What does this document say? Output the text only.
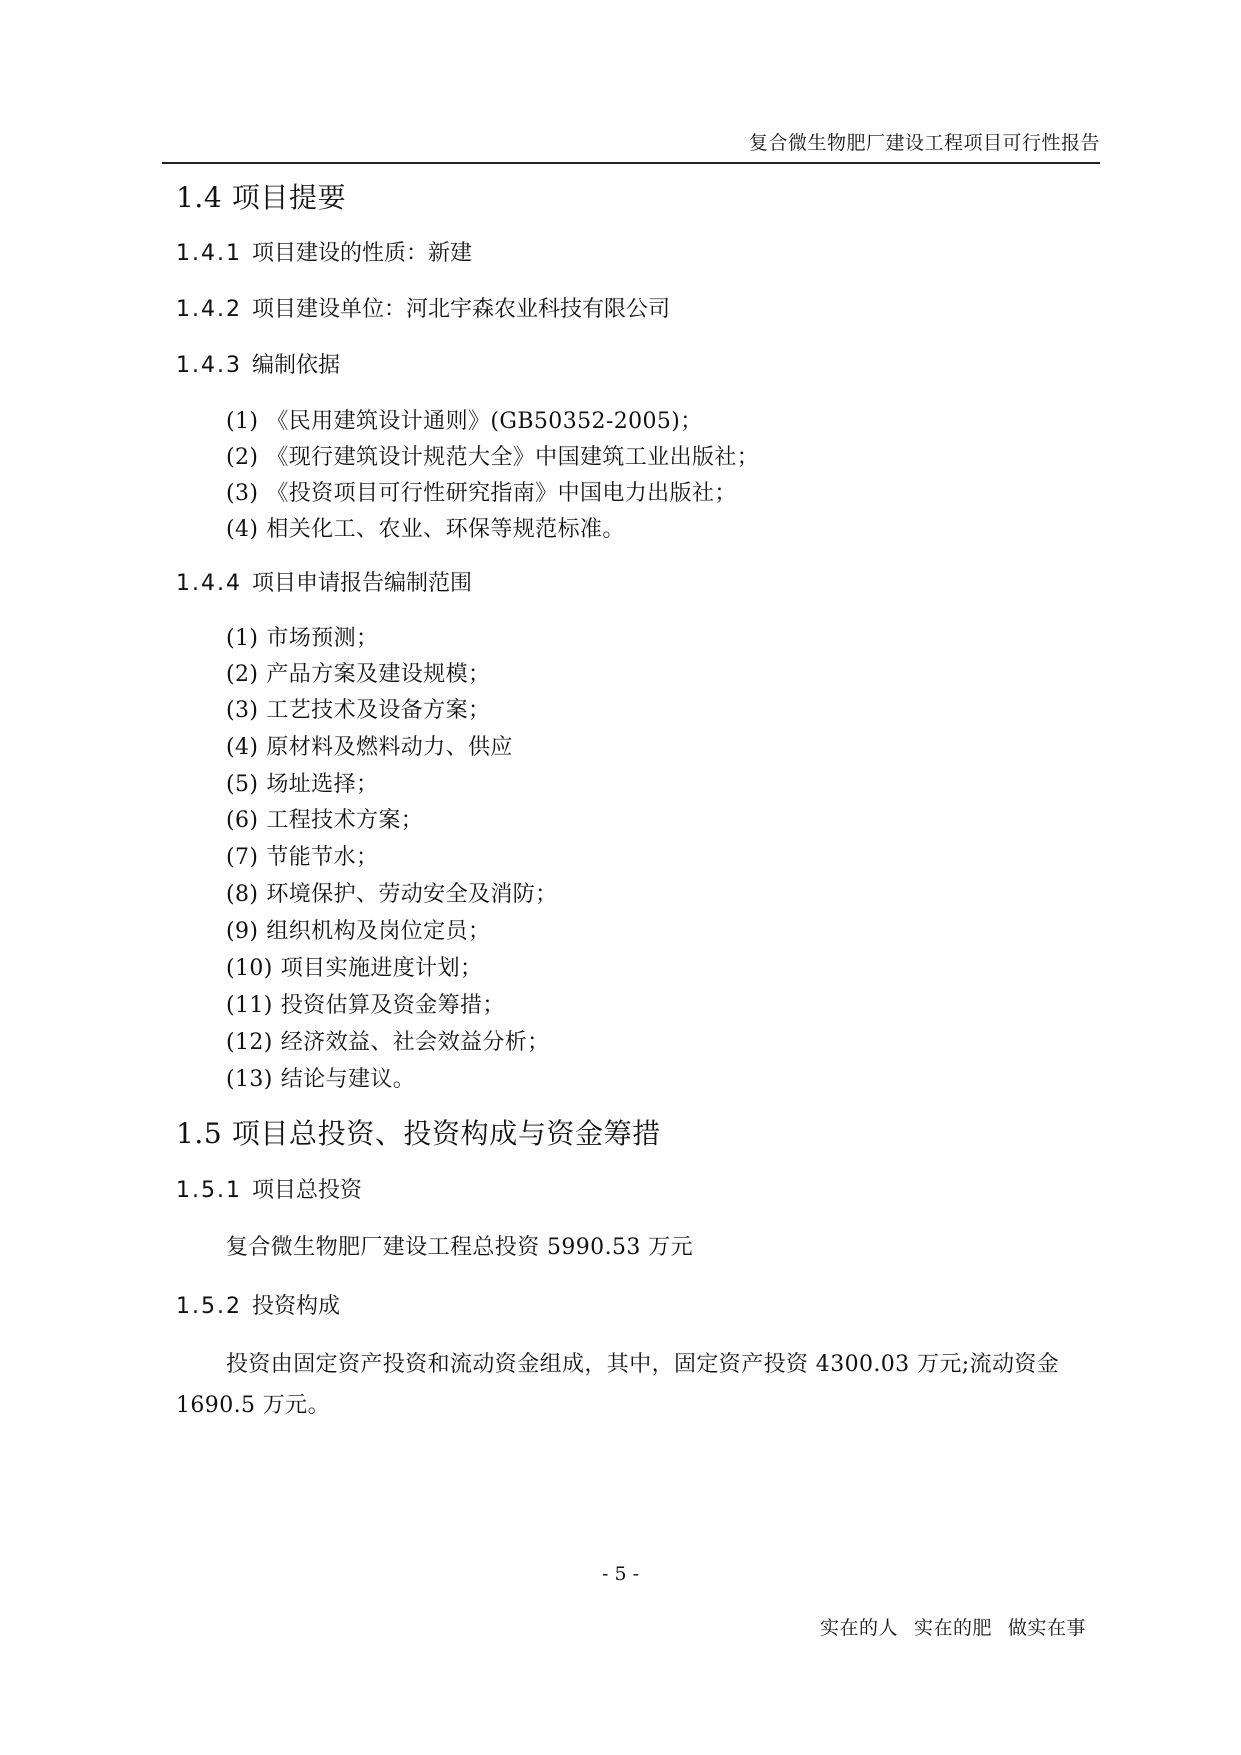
复合微生物肥厂建设工程项目可行性报告
1.4 项目提要
1.4.1 项目建设的性质：新建
1.4.2 项目建设单位：河北宇森农业科技有限公司
1.4.3 编制依据
(1) 《民用建筑设计通则》(GB50352-2005)；
(2) 《现行建筑设计规范大全》中国建筑工业出版社；
(3) 《投资项目可行性研究指南》中国电力出版社；
(4) 相关化工、农业、环保等规范标准。
1.4.4 项目申请报告编制范围
(1) 市场预测；
(2) 产品方案及建设规模；
(3) 工艺技术及设备方案；
(4) 原材料及燃料动力、供应
(5) 场址选择；
(6) 工程技术方案；
(7) 节能节水；
(8) 环境保护、劳动安全及消防；
(9) 组织机构及岗位定员；
(10) 项目实施进度计划；
(11) 投资估算及资金筹措；
(12) 经济效益、社会效益分析；
(13) 结论与建议。
1.5 项目总投资、投资构成与资金筹措
1.5.1 项目总投资
复合微生物肥厂建设工程总投资 5990.53 万元
1.5.2 投资构成
投资由固定资产投资和流动资金组成，其中，固定资产投资 4300.03 万元;流动资金 1690.5 万元。
- 5 -
实在的人 实在的肥 做实在事
